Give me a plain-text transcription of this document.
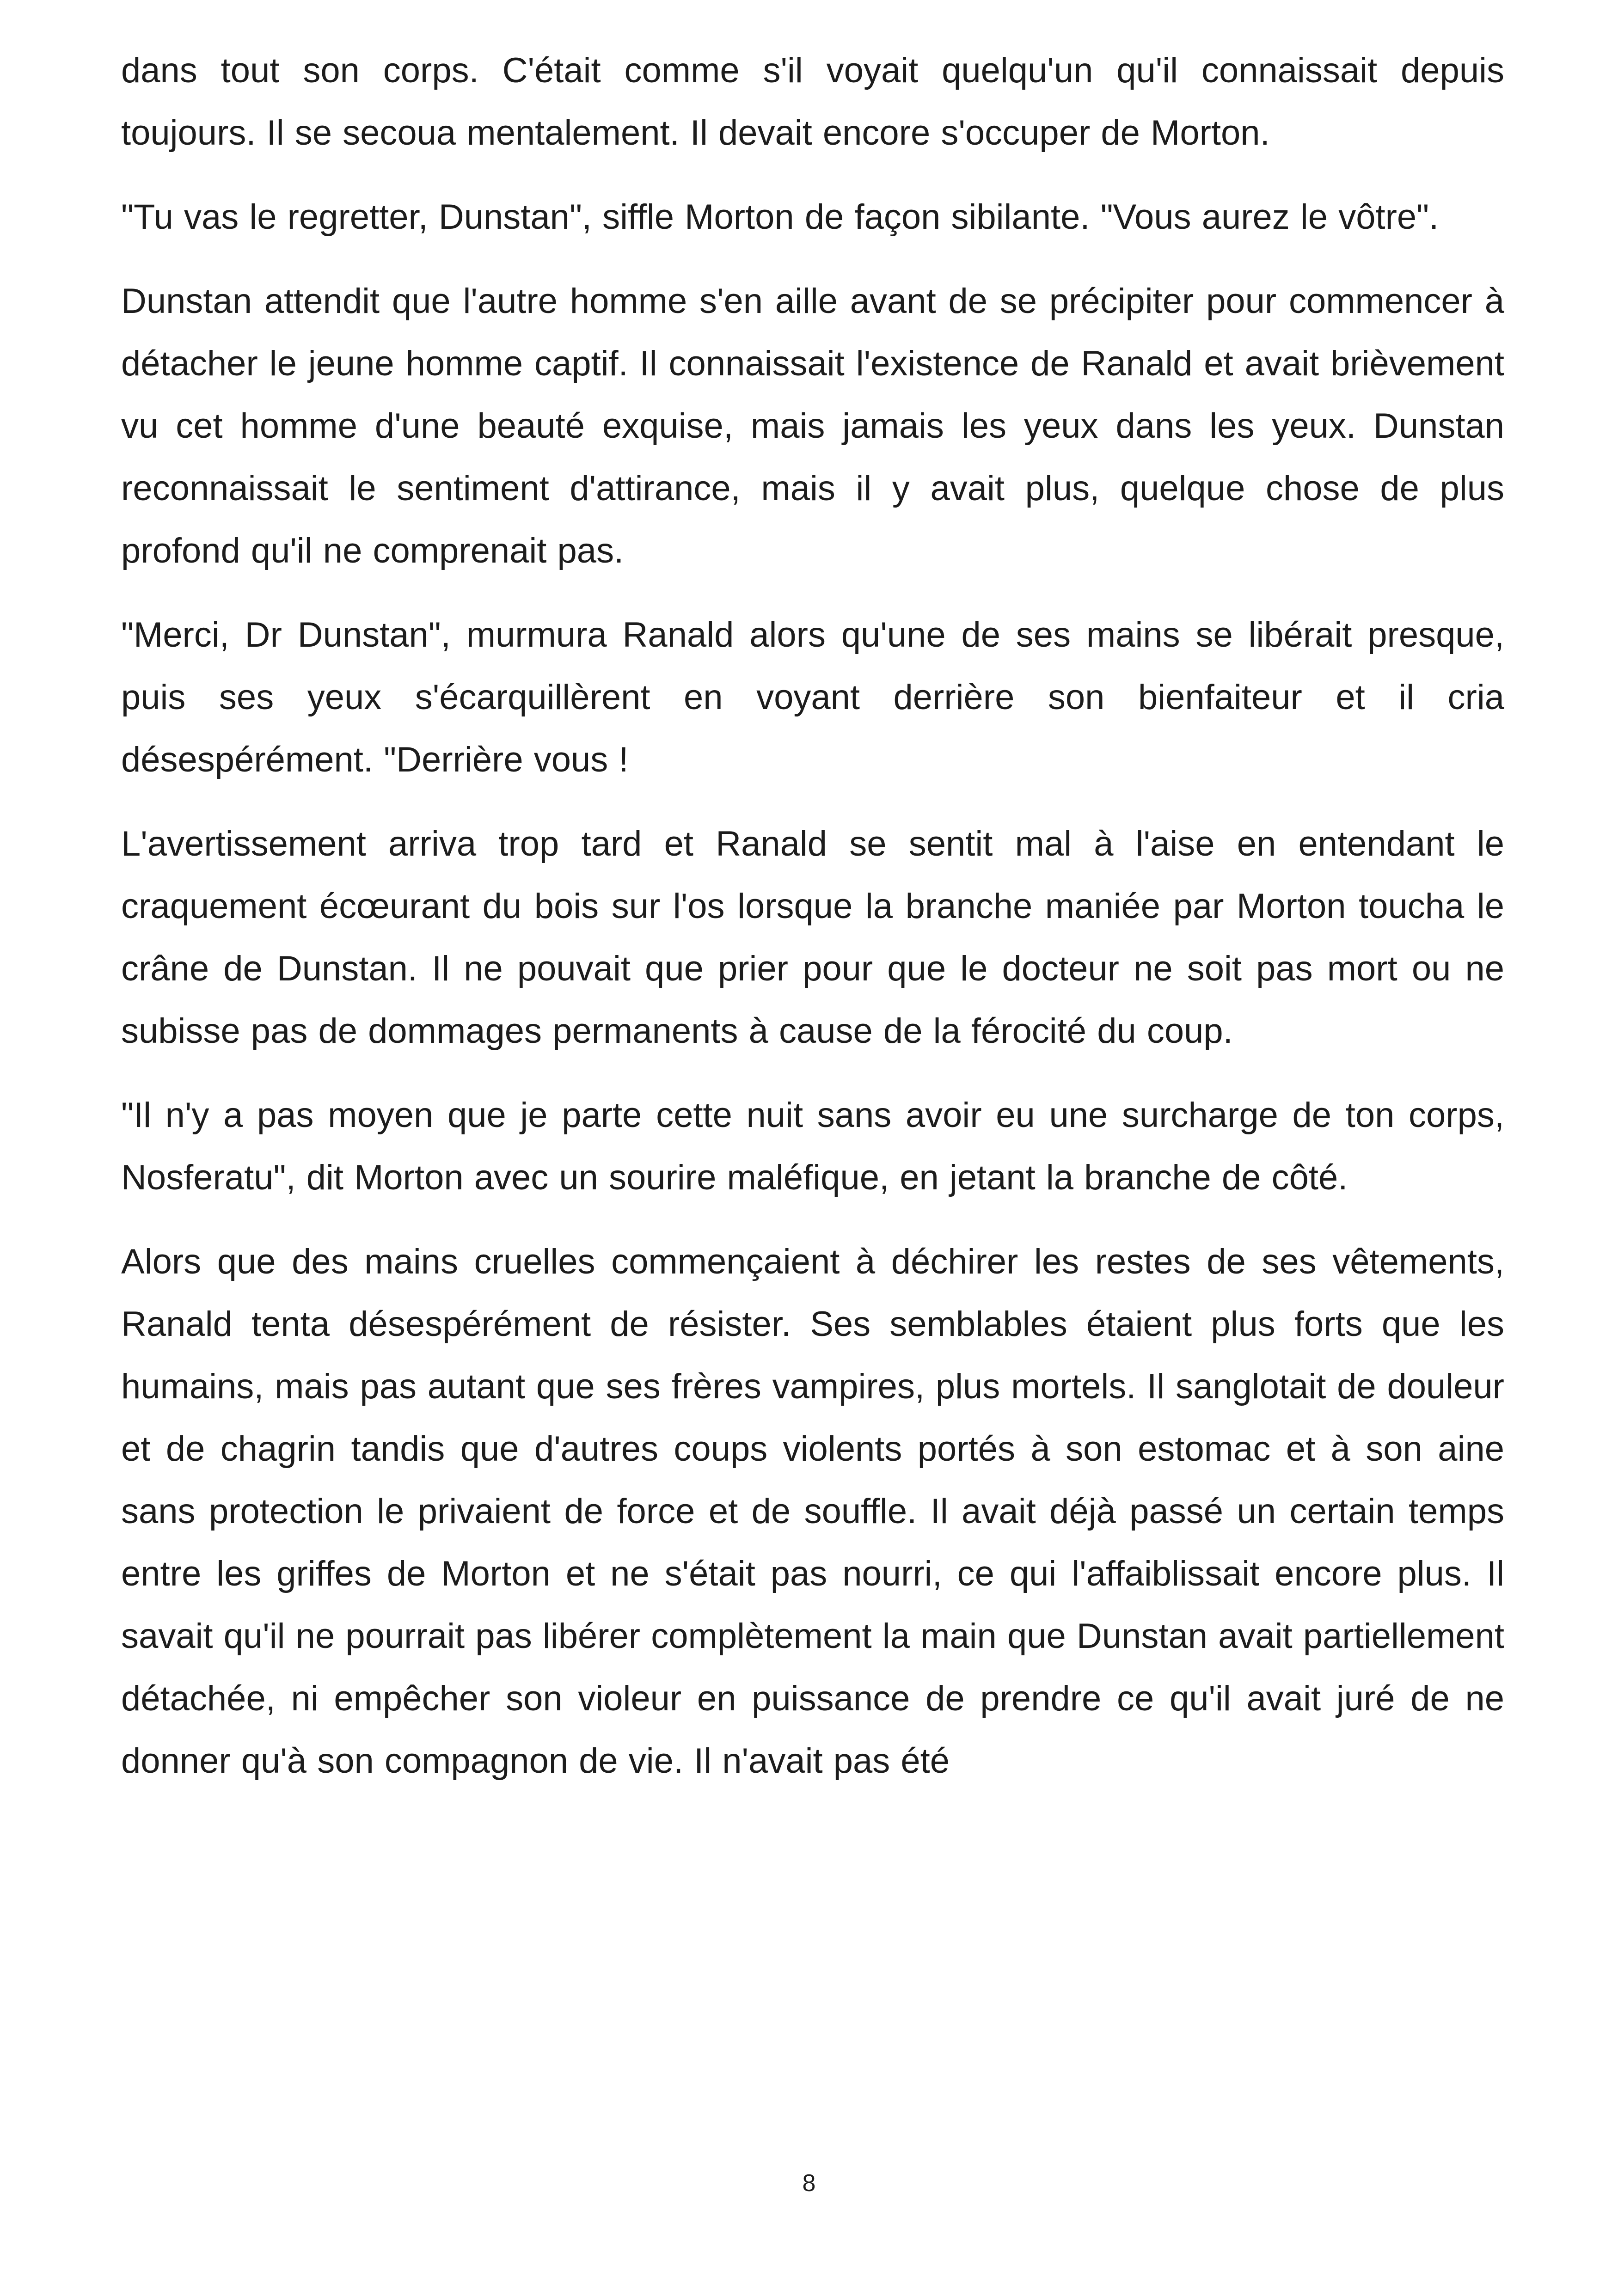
dans tout son corps. C'était comme s'il voyait quelqu'un qu'il connaissait depuis toujours. Il se secoua mentalement. Il devait encore s'occuper de Morton.

"Tu vas le regretter, Dunstan", siffle Morton de façon sibilante. "Vous aurez le vôtre".

Dunstan attendit que l'autre homme s'en aille avant de se précipiter pour commencer à détacher le jeune homme captif. Il connaissait l'existence de Ranald et avait brièvement vu cet homme d'une beauté exquise, mais jamais les yeux dans les yeux. Dunstan reconnaissait le sentiment d'attirance, mais il y avait plus, quelque chose de plus profond qu'il ne comprenait pas.

"Merci, Dr Dunstan", murmura Ranald alors qu'une de ses mains se libérait presque, puis ses yeux s'écarquillèrent en voyant derrière son bienfaiteur et il cria désespérément. "Derrière vous !

L'avertissement arriva trop tard et Ranald se sentit mal à l'aise en entendant le craquement écœurant du bois sur l'os lorsque la branche maniée par Morton toucha le crâne de Dunstan. Il ne pouvait que prier pour que le docteur ne soit pas mort ou ne subisse pas de dommages permanents à cause de la férocité du coup.

"Il n'y a pas moyen que je parte cette nuit sans avoir eu une surcharge de ton corps, Nosferatu", dit Morton avec un sourire maléfique, en jetant la branche de côté.

Alors que des mains cruelles commençaient à déchirer les restes de ses vêtements, Ranald tenta désespérément de résister. Ses semblables étaient plus forts que les humains, mais pas autant que ses frères vampires, plus mortels. Il sanglotait de douleur et de chagrin tandis que d'autres coups violents portés à son estomac et à son aine sans protection le privaient de force et de souffle. Il avait déjà passé un certain temps entre les griffes de Morton et ne s'était pas nourri, ce qui l'affaiblissait encore plus. Il savait qu'il ne pourrait pas libérer complètement la main que Dunstan avait partiellement détachée, ni empêcher son violeur en puissance de prendre ce qu'il avait juré de ne donner qu'à son compagnon de vie. Il n'avait pas été

8
